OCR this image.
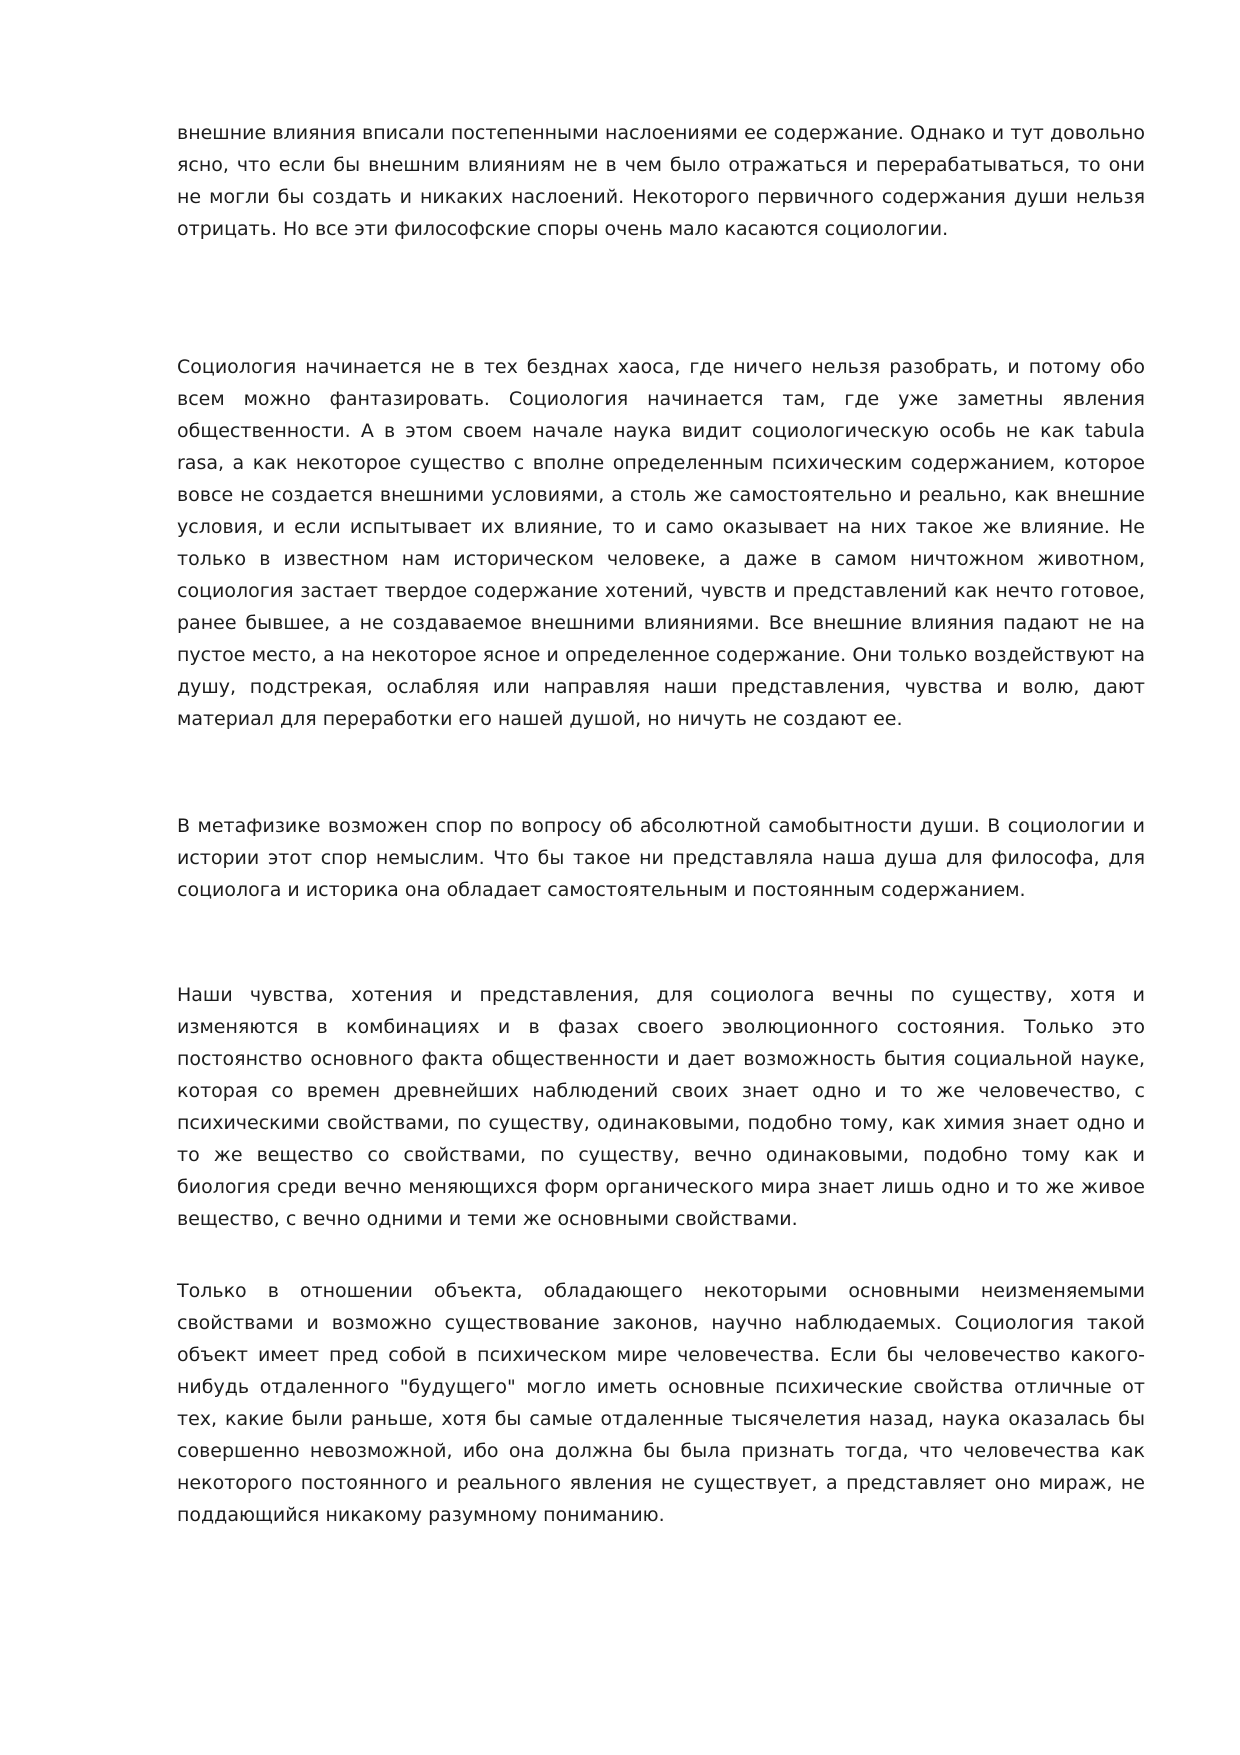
внешние влияния вписали постепенными наслоениями ее содержание. Однако и тут довольно ясно, что если бы внешним влияниям не в чем было отражаться и перерабатываться, то они не могли бы создать и никаких наслоений. Некоторого первичного содержания души нельзя отрицать. Но все эти философские споры очень мало касаются социологии.

Социология начинается не в тех безднах хаоса, где ничего нельзя разобрать, и потому обо всем можно фантазировать. Социология начинается там, где уже заметны явления общественности. А в этом своем начале наука видит социологическую особь не как tabula rasa, а как некоторое существо с вполне определенным психическим содержанием, которое вовсе не создается внешними условиями, а столь же самостоятельно и реально, как внешние условия, и если испытывает их влияние, то и само оказывает на них такое же влияние. Не только в известном нам историческом человеке, а даже в самом ничтожном животном, социология застает твердое содержание хотений, чувств и представлений как нечто готовое, ранее бывшее, а не создаваемое внешними влияниями. Все внешние влияния падают не на пустое место, а на некоторое ясное и определенное содержание. Они только воздействуют на душу, подстрекая, ослабляя или направляя наши представления, чувства и волю, дают материал для переработки его нашей душой, но ничуть не создают ее.

В метафизике возможен спор по вопросу об абсолютной самобытности души. В социологии и истории этот спор немыслим. Что бы такое ни представляла наша душа для философа, для социолога и историка она обладает самостоятельным и постоянным содержанием.

Наши чувства, хотения и представления, для социолога вечны по существу, хотя и изменяются в комбинациях и в фазах своего эволюционного состояния. Только это постоянство основного факта общественности и дает возможность бытия социальной науке, которая со времен древнейших наблюдений своих знает одно и то же человечество, с психическими свойствами, по существу, одинаковыми, подобно тому, как химия знает одно и то же вещество со свойствами, по существу, вечно одинаковыми, подобно тому как и биология среди вечно меняющихся форм органического мира знает лишь одно и то же живое вещество, с вечно одними и теми же основными свойствами.

Только в отношении объекта, обладающего некоторыми основными неизменяемыми свойствами и возможно существование законов, научно наблюдаемых. Социология такой объект имеет пред собой в психическом мире человечества. Если бы человечество какого-нибудь отдаленного "будущего" могло иметь основные психические свойства отличные от тех, какие были раньше, хотя бы самые отдаленные тысячелетия назад, наука оказалась бы совершенно невозможной, ибо она должна бы была признать тогда, что человечества как некоторого постоянного и реального явления не существует, а представляет оно мираж, не поддающийся никакому разумному пониманию.
